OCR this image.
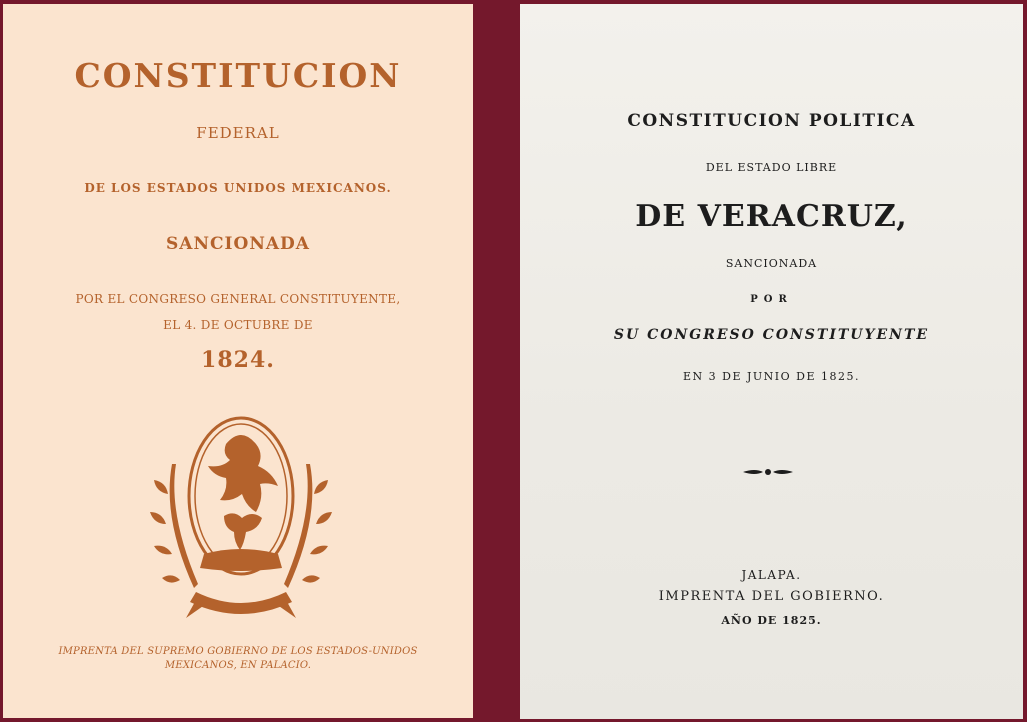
CONSTITUCION

FEDERAL

DE LOS ESTADOS UNIDOS MEXICANOS.

SANCIONADA

POR EL CONGRESO GENERAL CONSTITUYENTE,

EL 4. DE OCTUBRE DE

1824.

IMPRENTA DEL SUPREMO GOBIERNO DE LOS ESTADOS-UNIDOS

MEXICANOS, EN PALACIO.

CONSTITUCION POLITICA

DEL ESTADO LIBRE

DE VERACRUZ,

SANCIONADA

POR

SU CONGRESO CONSTITUYENTE

EN 3 DE JUNIO DE 1825.

JALAPA.

IMPRENTA DEL GOBIERNO.

AÑO DE 1825.
